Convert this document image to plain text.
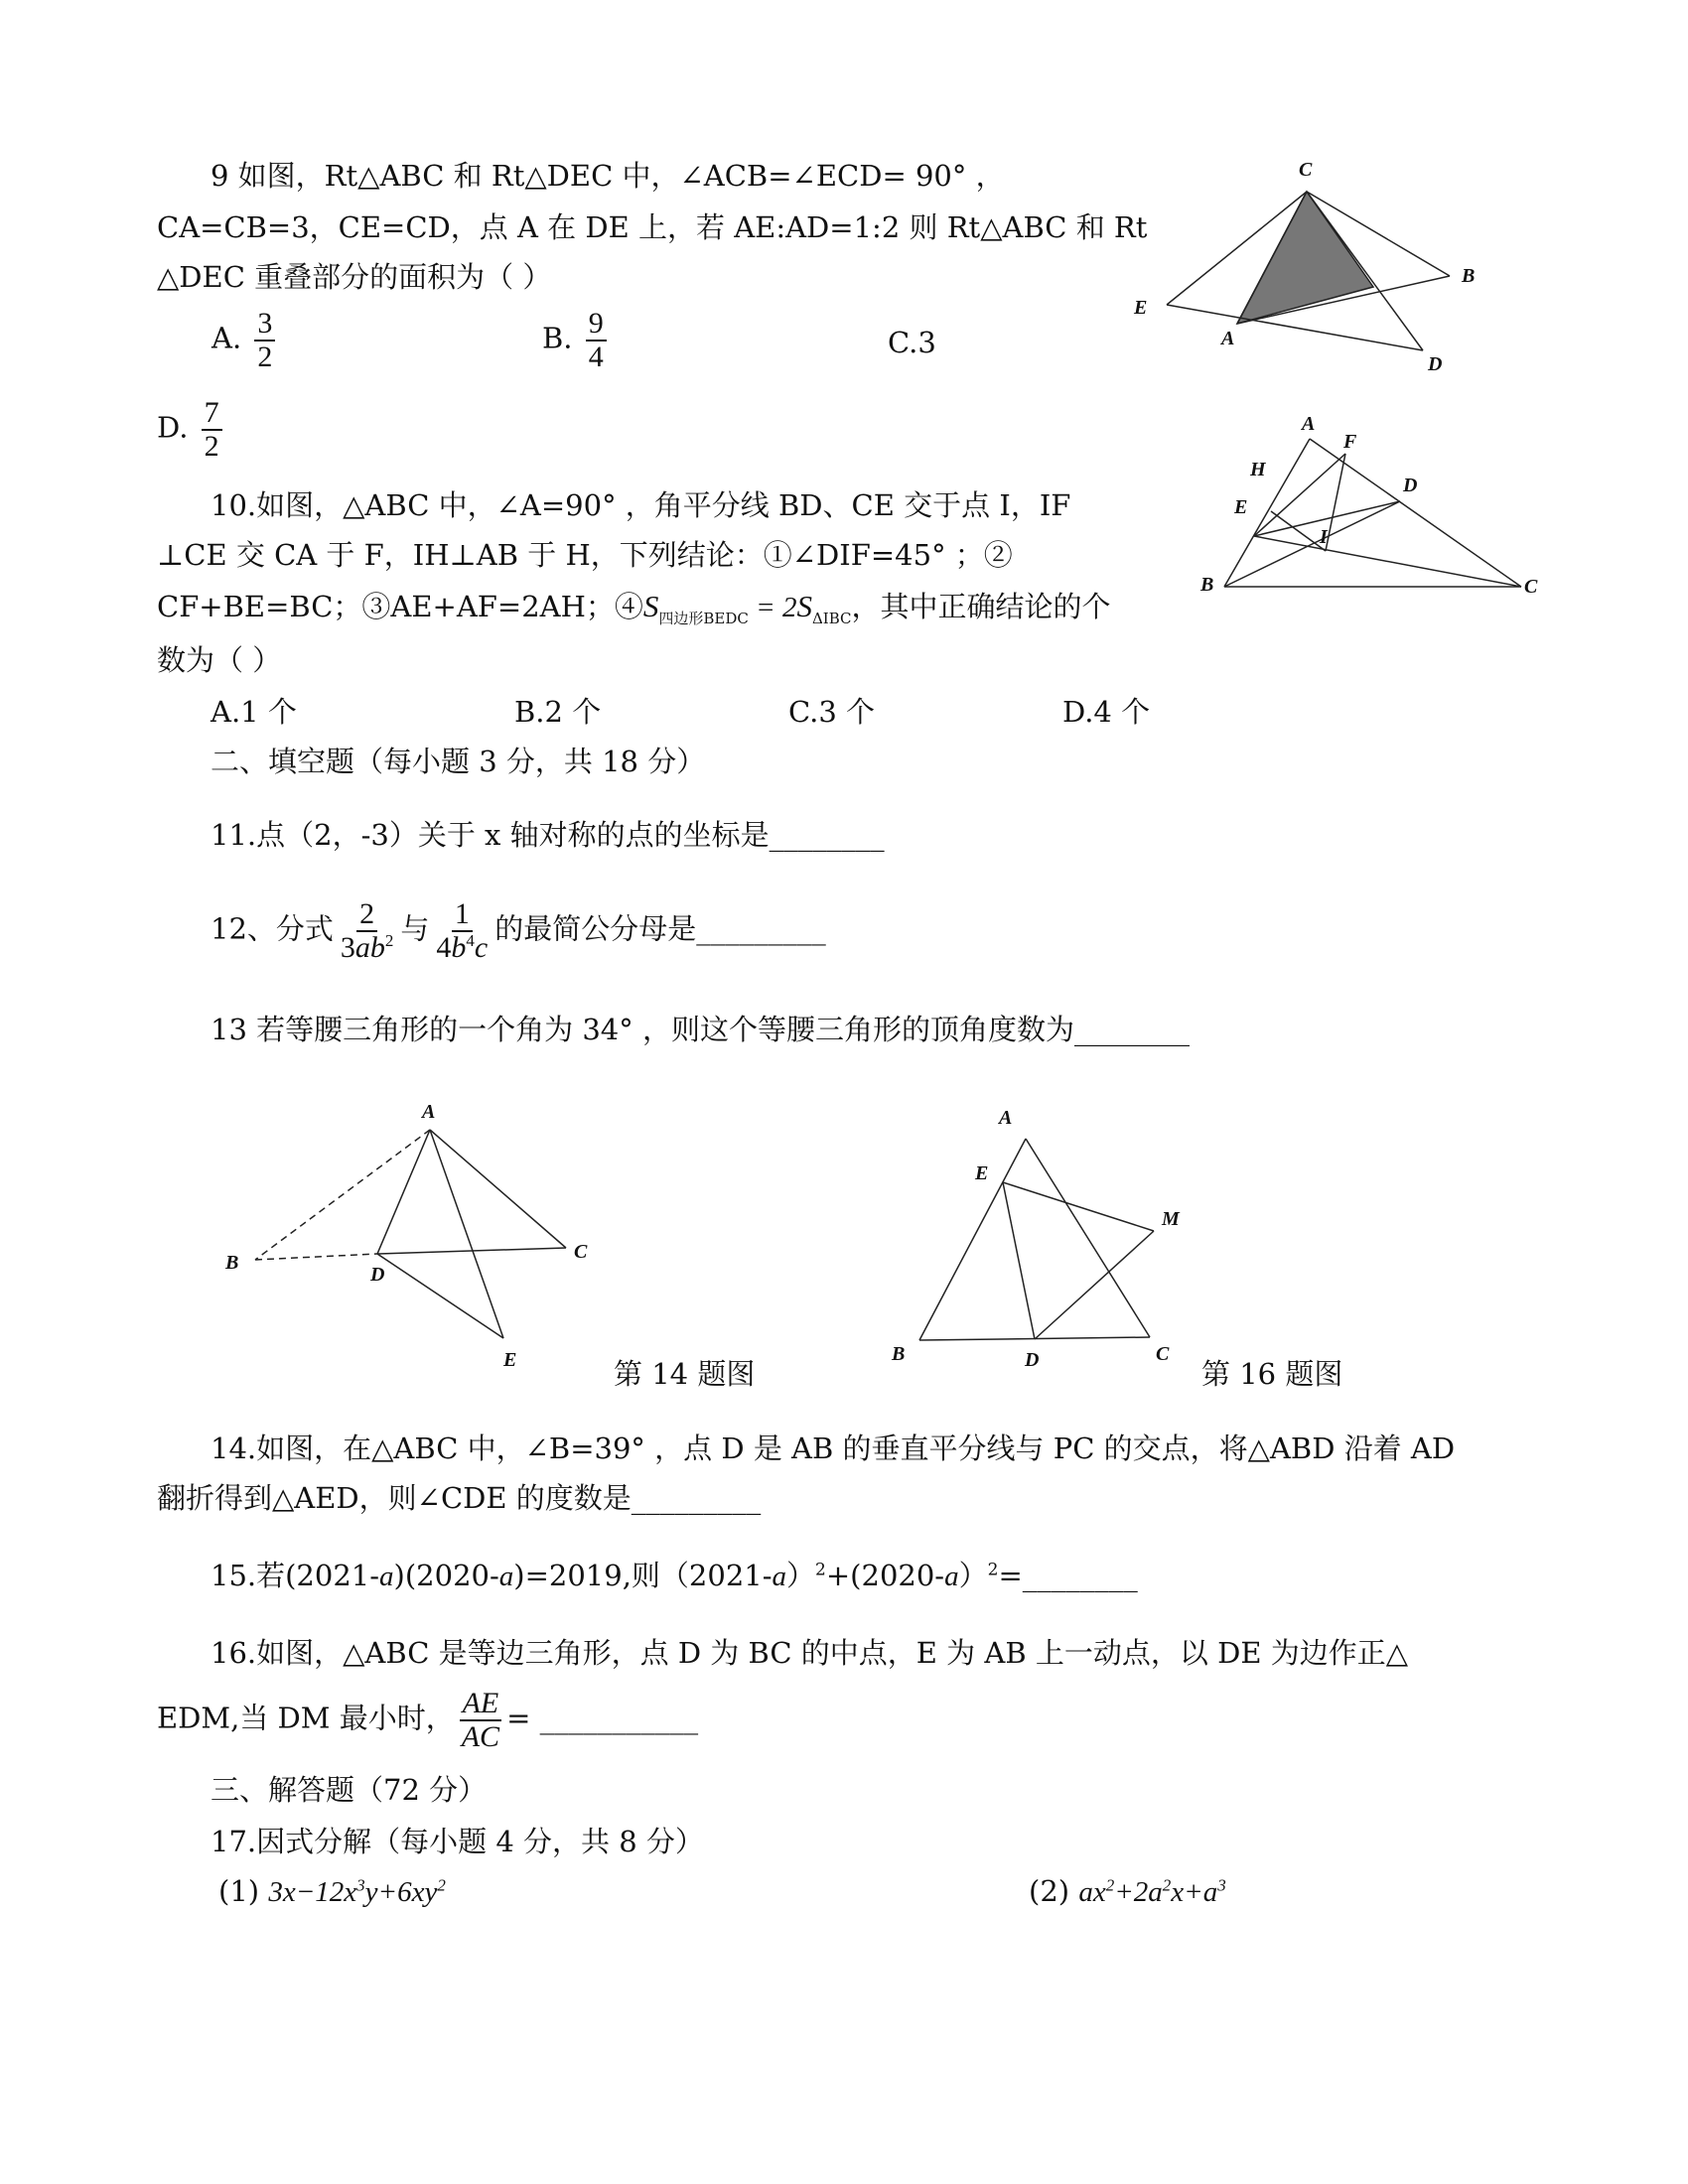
9 如图，Rt△ABC 和 Rt△DEC 中，∠ACB=∠ECD= 90° ，
CA=CB=3，CE=CD，点 A 在 DE 上，若 AE:AD=1:2 则 Rt△ABC 和 Rt
△DEC 重叠部分的面积为（ ）
A. $\frac{3}{2}$	B. $\frac{9}{4}$	C.3
D. $\frac{7}{2}$
C
B
E
A
D
10.如图，△ABC 中，∠A=90° ，角平分线 BD、CE 交于点 I，IF
⊥CE 交 CA 于 F，IH⊥AB 于 H，下列结论：①∠DIF=45° ；②
CF+BE=BC；③AE+AF=2AH；$④S_{四边形BEDC} = 2S_{\Delta IBC}$，其中正确结论的个
数为（ ）
A.1 个	B.2 个	C.3 个	D.4 个
A
F
H
D
E
I
B	C
二、填空题（每小题 3 分，共 18 分）
11.点（2，-3）关于 x 轴对称的点的坐标是________
12、分式 $\frac{2}{3ab^2}$ 与 $\frac{1}{4b^4c}$ 的最简公分母是_________
13 若等腰三角形的一个角为 34° ，则这个等腰三角形的顶角度数为________
A
B
D
C
E	第 14 题图
A
E
M
B	D	C
第 16 题图
14.如图，在△ABC 中，∠B=39° ，点 D 是 AB 的垂直平分线与 PC 的交点，将△ABD 沿着 AD
翻折得到△AED，则∠CDE 的度数是_________
15.若(2021-a)(2020-a)=2019,则$(2021-a)^2+(2020-a)^2=\_\_\_\_\_\_\_\_$
16.如图，△ABC 是等边三角形，点 D 为 BC 的中点，E 为 AB 上一动点，以 DE 为边作正△
EDM,当 DM 最小时， $\frac{AE}{AC}$ = ___________
三、解答题（72 分）
17.因式分解（每小题 4 分，共 8 分）
(1) $3x-12x^3y+6xy^2$	(2) $ax^2+2a^2x+a^3$
